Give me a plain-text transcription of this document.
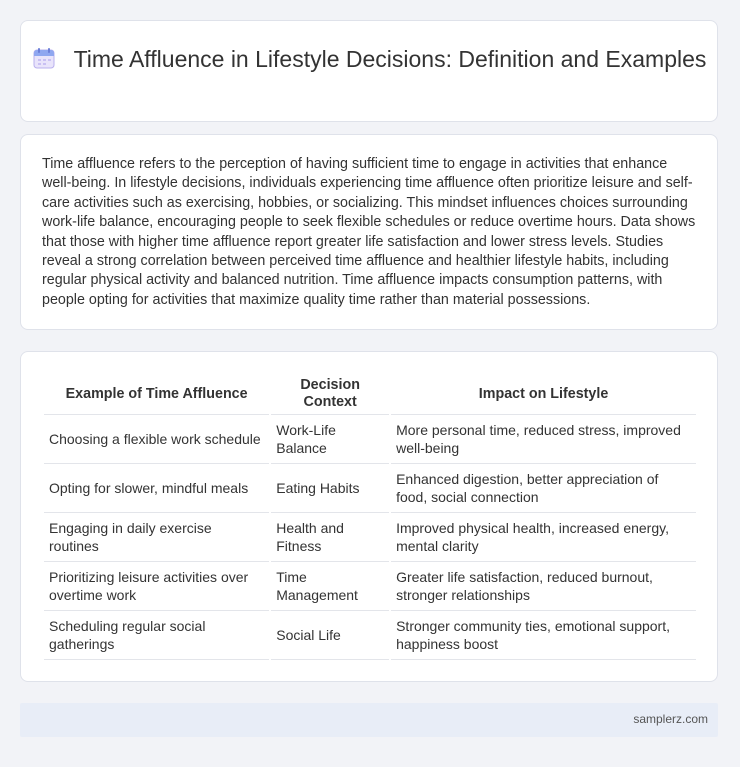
Time Affluence in Lifestyle Decisions: Definition and Examples

Time affluence refers to the perception of having sufficient time to engage in activities that enhance well-being. In lifestyle decisions, individuals experiencing time affluence often prioritize leisure and self-care activities such as exercising, hobbies, or socializing. This mindset influences choices surrounding work-life balance, encouraging people to seek flexible schedules or reduce overtime hours. Data shows that those with higher time affluence report greater life satisfaction and lower stress levels. Studies reveal a strong correlation between perceived time affluence and healthier lifestyle habits, including regular physical activity and balanced nutrition. Time affluence impacts consumption patterns, with people opting for activities that maximize quality time rather than material possessions.

Example of Time Affluence	Decision Context	Impact on Lifestyle
Choosing a flexible work schedule	Work-Life Balance	More personal time, reduced stress, improved well-being
Opting for slower, mindful meals	Eating Habits	Enhanced digestion, better appreciation of food, social connection
Engaging in daily exercise routines	Health and Fitness	Improved physical health, increased energy, mental clarity
Prioritizing leisure activities over overtime work	Time Management	Greater life satisfaction, reduced burnout, stronger relationships
Scheduling regular social gatherings	Social Life	Stronger community ties, emotional support, happiness boost
samplerz.com
